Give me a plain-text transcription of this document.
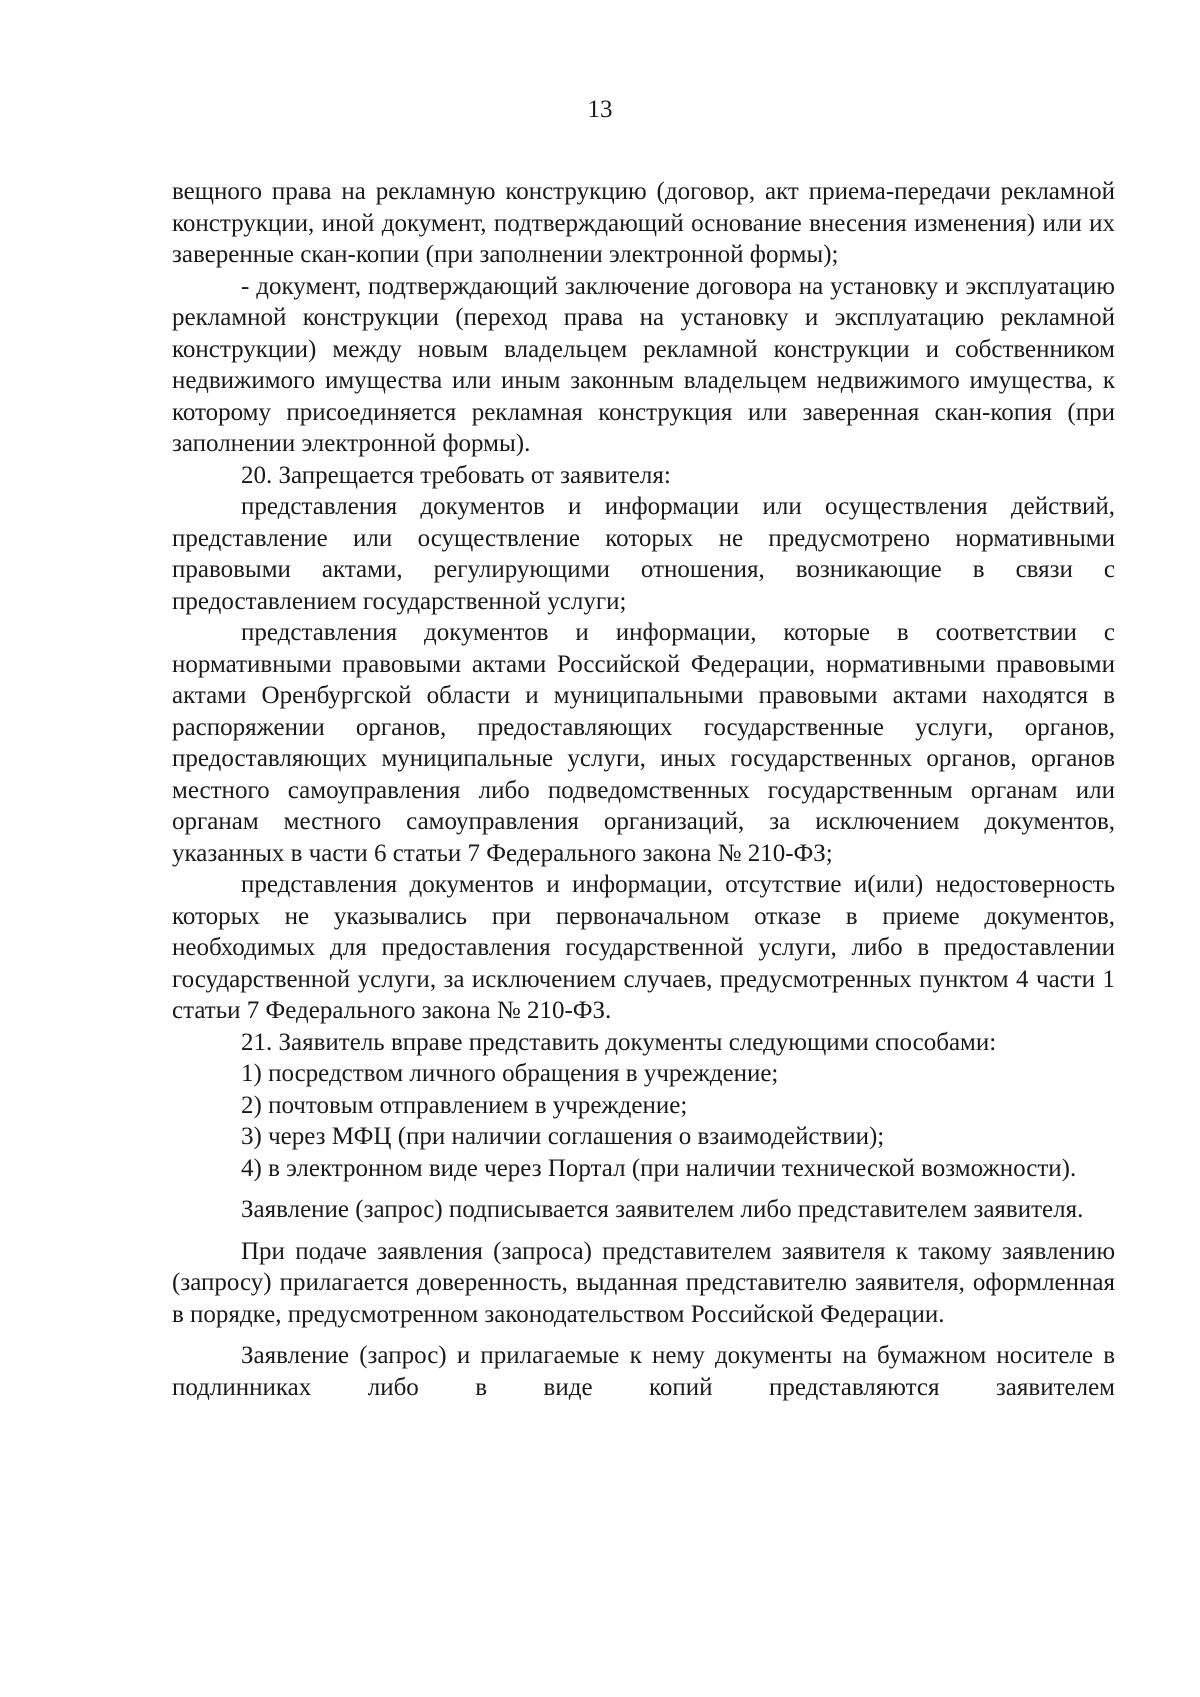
13

вещного права на рекламную конструкцию (договор, акт приема-передачи рекламной конструкции, иной документ, подтверждающий основание внесения изменения) или их заверенные скан-копии (при заполнении электронной формы);

- документ, подтверждающий заключение договора на установку и эксплуатацию рекламной конструкции (переход права на установку и эксплуатацию рекламной конструкции) между новым владельцем рекламной конструкции и собственником недвижимого имущества или иным законным владельцем недвижимого имущества, к которому присоединяется рекламная конструкция или заверенная скан-копия (при заполнении электронной формы).

20. Запрещается требовать от заявителя:

представления документов и информации или осуществления действий, представление или осуществление которых не предусмотрено нормативными правовыми актами, регулирующими отношения, возникающие в связи с предоставлением государственной услуги;

представления документов и информации, которые в соответствии с нормативными правовыми актами Российской Федерации, нормативными правовыми актами Оренбургской области и муниципальными правовыми актами находятся в распоряжении органов, предоставляющих государственные услуги, органов, предоставляющих муниципальные услуги, иных государственных органов, органов местного самоуправления либо подведомственных государственным органам или органам местного самоуправления организаций, за исключением документов, указанных в части 6 статьи 7 Федерального закона № 210-ФЗ;

представления документов и информации, отсутствие и(или) недостоверность которых не указывались при первоначальном отказе в приеме документов, необходимых для предоставления государственной услуги, либо в предоставлении государственной услуги, за исключением случаев, предусмотренных пунктом 4 части 1 статьи 7 Федерального закона № 210-ФЗ.

21. Заявитель вправе представить документы следующими способами:

1) посредством личного обращения в учреждение;

2) почтовым отправлением в учреждение;

3) через МФЦ (при наличии соглашения о взаимодействии);

4) в электронном виде через Портал (при наличии технической возможности).

Заявление (запрос) подписывается заявителем либо представителем заявителя.

При подаче заявления (запроса) представителем заявителя к такому заявлению (запросу) прилагается доверенность, выданная представителю заявителя, оформленная в порядке, предусмотренном законодательством Российской Федерации.

Заявление (запрос) и прилагаемые к нему документы на бумажном носителе в подлинниках либо в виде копий представляются заявителем
